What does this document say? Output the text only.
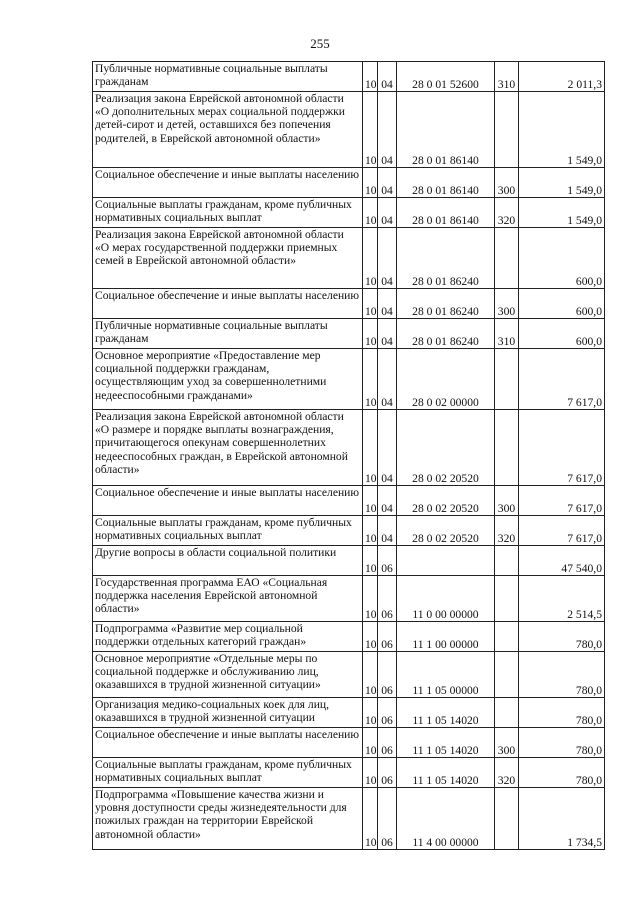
255
Публичные нормативные социальные выплаты гражданам	10	04	28 0 01 52600	310	2 011,3
Реализация закона Еврейской автономной области «О дополнительных мерах социальной поддержки детей-сирот и детей, оставшихся без попечения родителей, в Еврейской автономной области»	10	04	28 0 01 86140		1 549,0
Социальное обеспечение и иные выплаты населению	10	04	28 0 01 86140	300	1 549,0
Социальные выплаты гражданам, кроме публичных нормативных социальных выплат	10	04	28 0 01 86140	320	1 549,0
Реализация закона Еврейской автономной области «О мерах государственной поддержки приемных семей в Еврейской автономной области»	10	04	28 0 01 86240		600,0
Социальное обеспечение и иные выплаты населению	10	04	28 0 01 86240	300	600,0
Публичные нормативные социальные выплаты гражданам	10	04	28 0 01 86240	310	600,0
Основное мероприятие «Предоставление мер социальной поддержки гражданам, осуществляющим уход за совершеннолетними недееспособными гражданами»	10	04	28 0 02 00000		7 617,0
Реализация закона Еврейской автономной области «О размере и порядке выплаты вознаграждения, причитающегося опекунам совершеннолетних недееспособных граждан, в Еврейской автономной области»	10	04	28 0 02 20520		7 617,0
Социальное обеспечение и иные выплаты населению	10	04	28 0 02 20520	300	7 617,0
Социальные выплаты гражданам, кроме публичных нормативных социальных выплат	10	04	28 0 02 20520	320	7 617,0
Другие вопросы в области социальной политики	10	06			47 540,0
Государственная программа ЕАО «Социальная поддержка населения Еврейской автономной области»	10	06	11 0 00 00000		2 514,5
Подпрограмма «Развитие мер социальной поддержки отдельных категорий граждан»	10	06	11 1 00 00000		780,0
Основное мероприятие «Отдельные меры по социальной поддержке и обслуживанию лиц, оказавшихся в трудной жизненной ситуации»	10	06	11 1 05 00000		780,0
Организация медико-социальных коек для лиц, оказавшихся в трудной жизненной ситуации	10	06	11 1 05 14020		780,0
Социальное обеспечение и иные выплаты населению	10	06	11 1 05 14020	300	780,0
Социальные выплаты гражданам, кроме публичных нормативных социальных выплат	10	06	11 1 05 14020	320	780,0
Подпрограмма «Повышение качества жизни и уровня доступности среды жизнедеятельности для пожилых граждан на территории Еврейской автономной области»	10	06	11 4 00 00000		1 734,5
